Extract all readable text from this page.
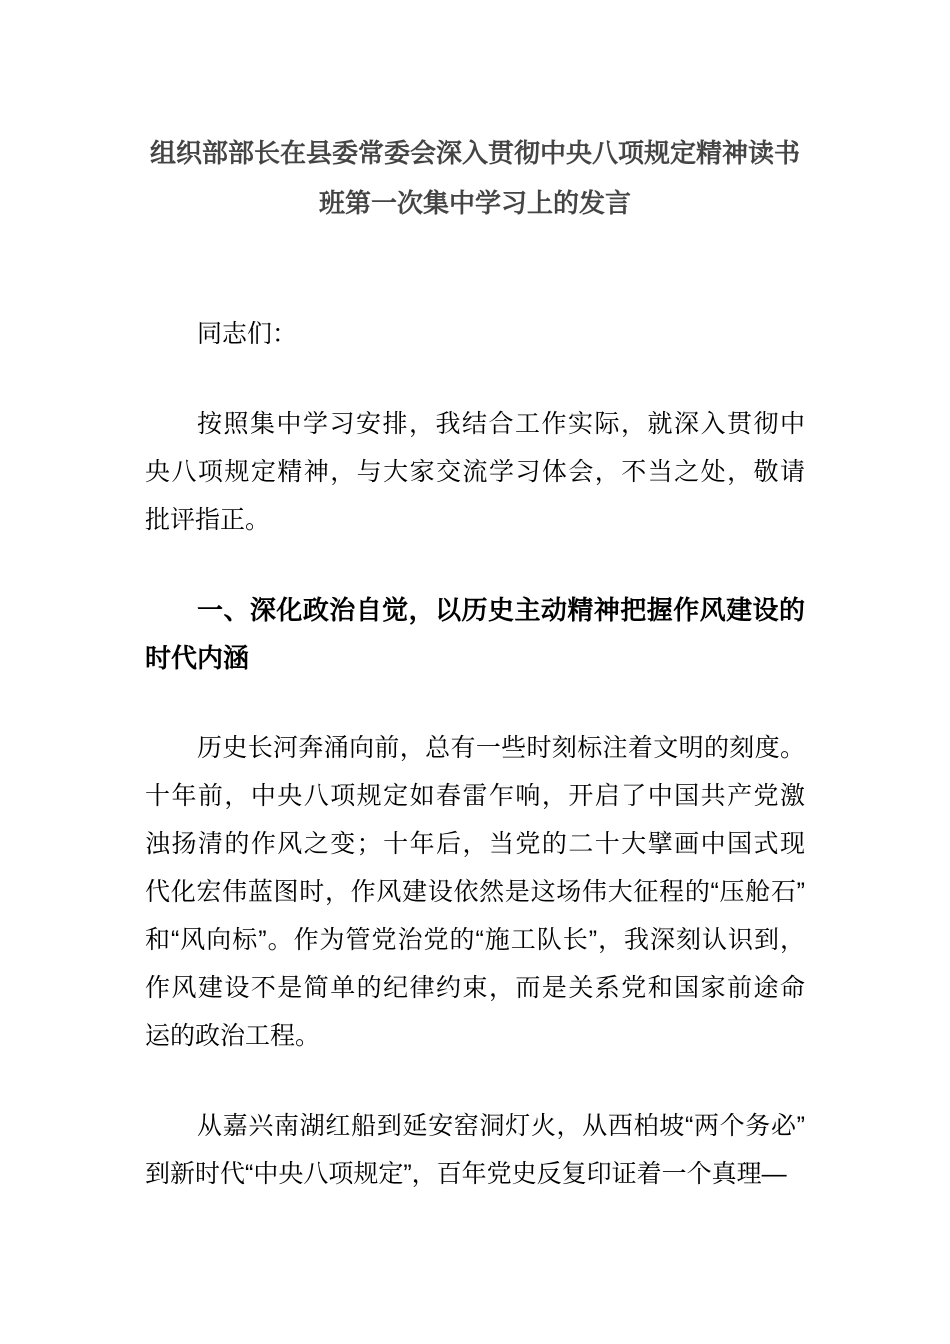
组织部部长在县委常委会深入贯彻中央八项规定精神读书
班第一次集中学习上的发言
同志们：
按照集中学习安排，我结合工作实际，就深入贯彻中
央八项规定精神，与大家交流学习体会，不当之处，敬请
批评指正。
一、深化政治自觉，以历史主动精神把握作风建设的
时代内涵
历史长河奔涌向前，总有一些时刻标注着文明的刻度。
十年前，中央八项规定如春雷乍响，开启了中国共产党激
浊扬清的作风之变；十年后，当党的二十大擘画中国式现
代化宏伟蓝图时，作风建设依然是这场伟大征程的“压舱石”
和“风向标”。作为管党治党的“施工队长”，我深刻认识到，
作风建设不是简单的纪律约束，而是关系党和国家前途命
运的政治工程。
从嘉兴南湖红船到延安窑洞灯火，从西柏坡“两个务必”
到新时代“中央八项规定”，百年党史反复印证着一个真理—
